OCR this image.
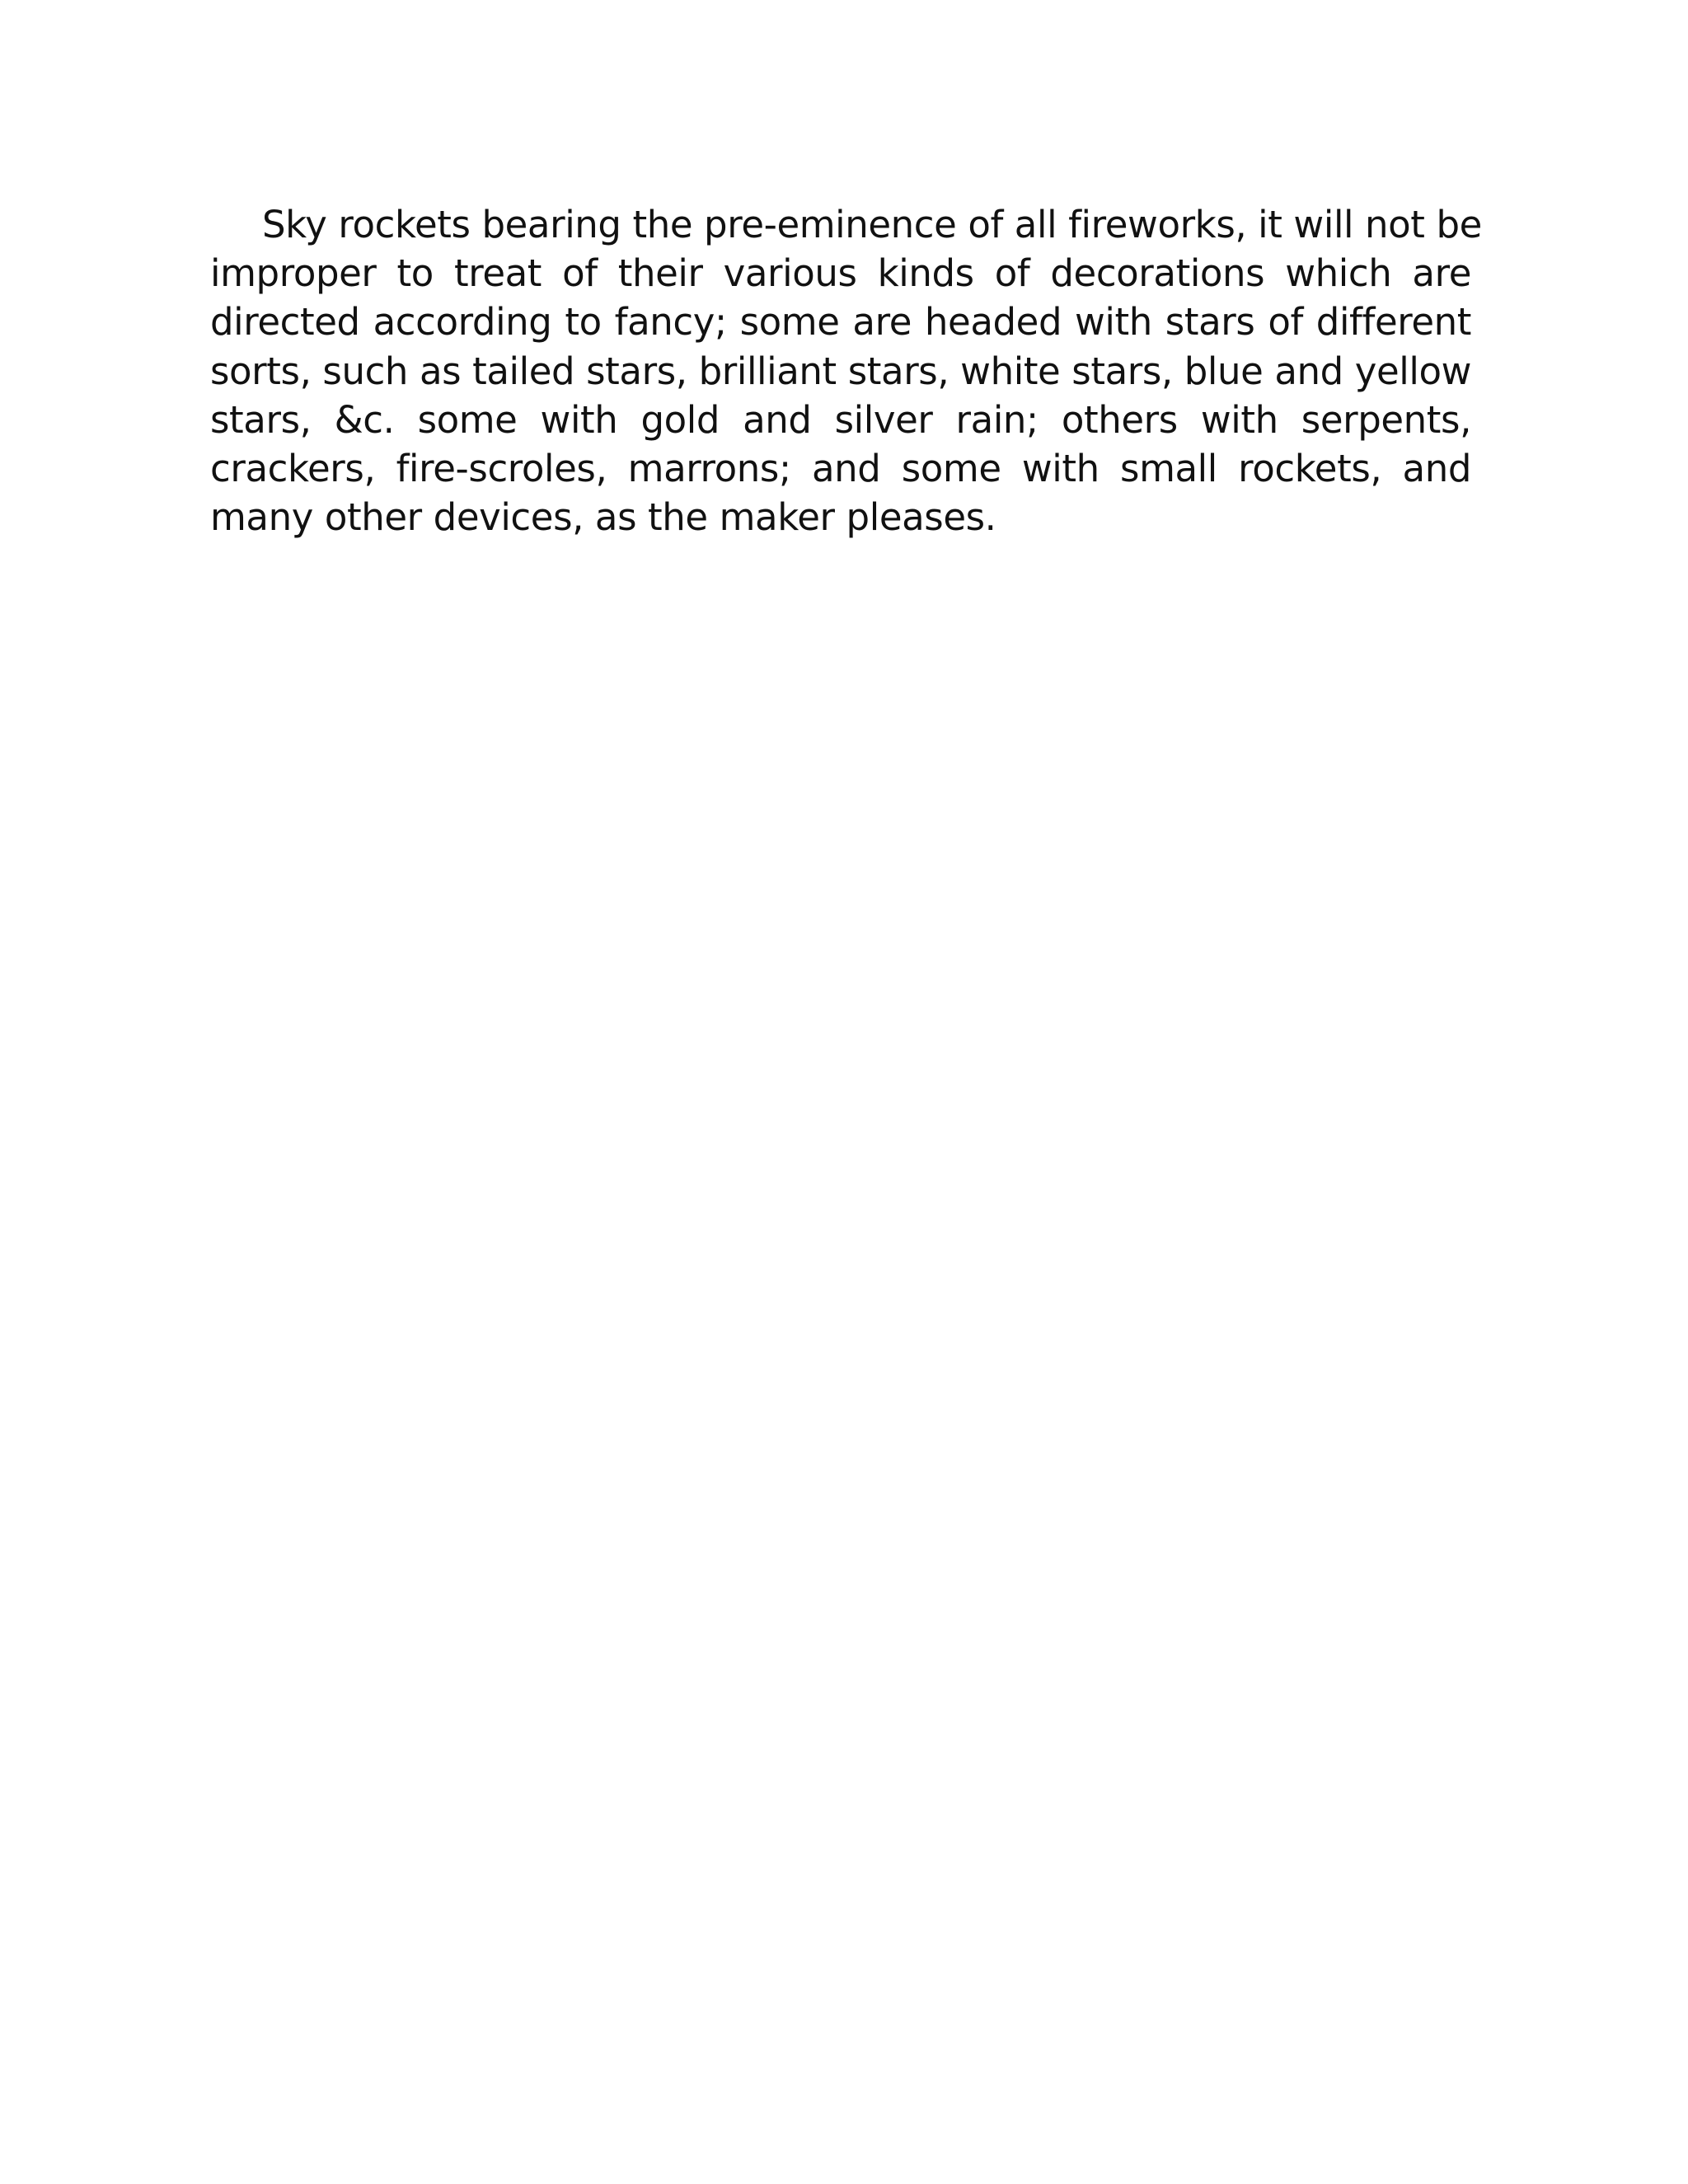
Sky rockets bearing the pre-eminence of all fireworks, it will not be
improper to treat of their various kinds of decorations which are
directed according to fancy; some are headed with stars of different
sorts, such as tailed stars, brilliant stars, white stars, blue and yellow
stars, &c. some with gold and silver rain; others with serpents,
crackers, fire-scroles, marrons; and some with small rockets, and
many other devices, as the maker pleases.
